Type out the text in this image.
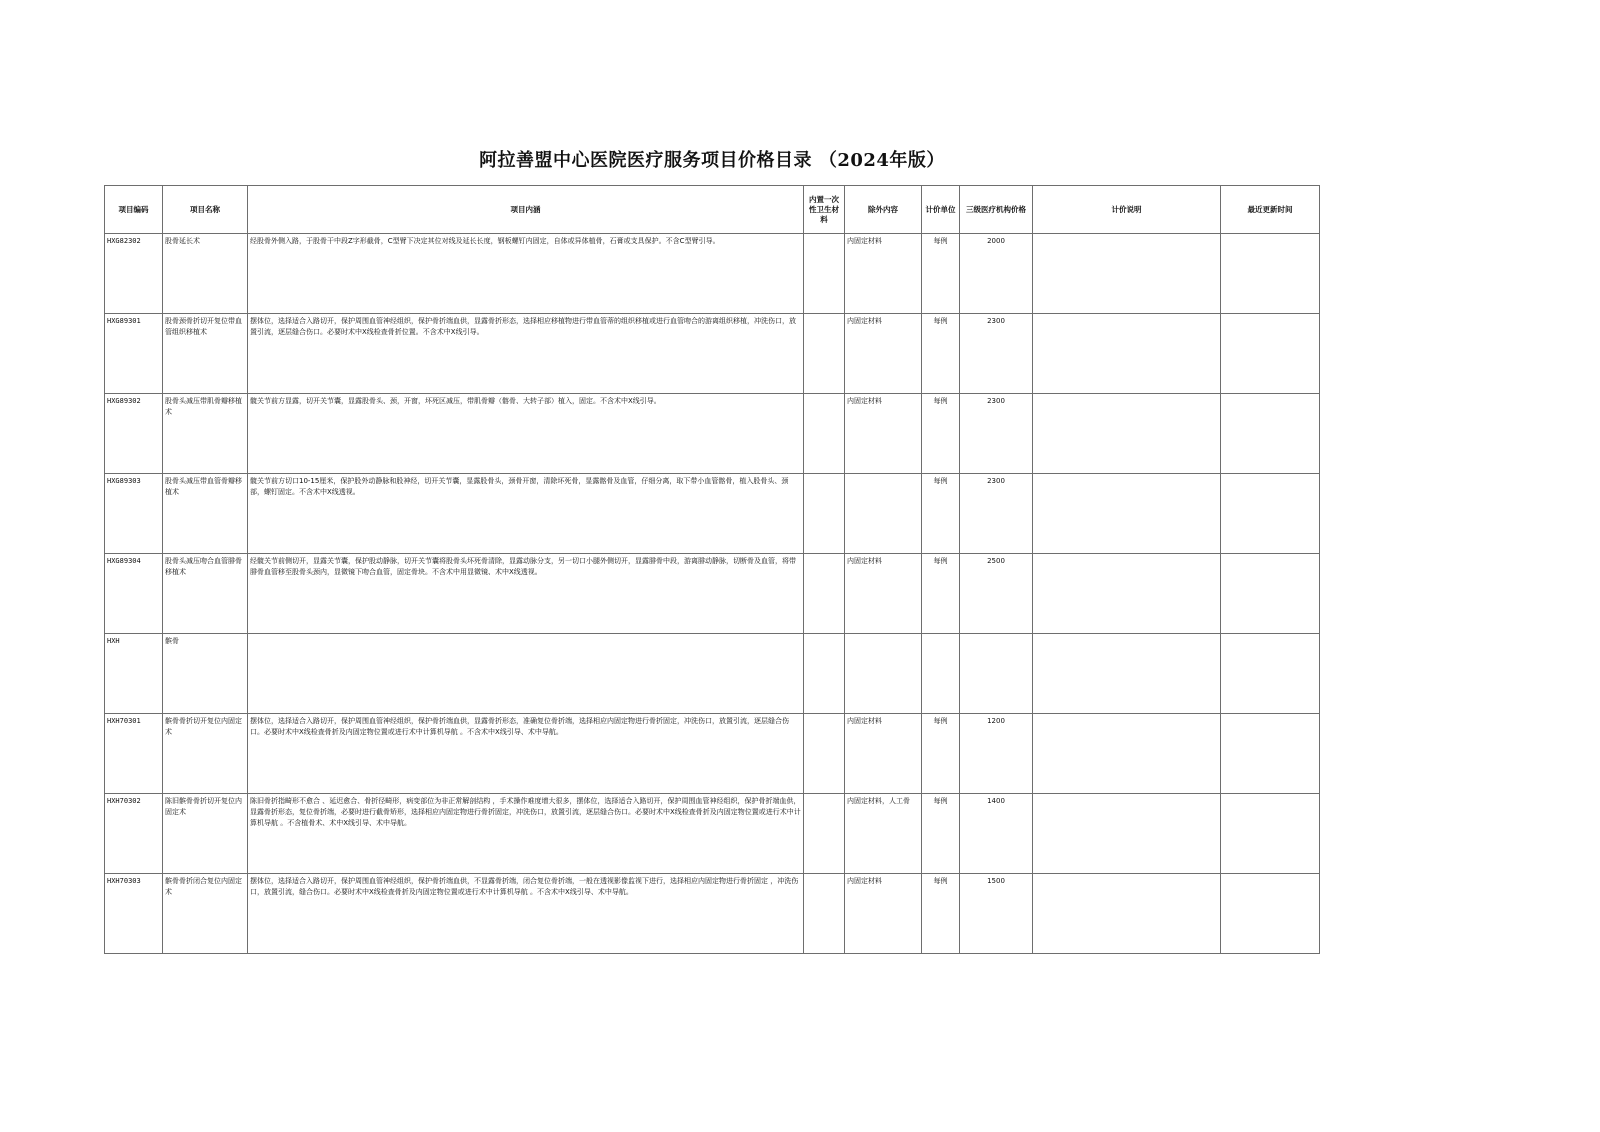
阿拉善盟中心医院医疗服务项目价格目录 （2024年版）
项目编码	项目名称	项目内涵	内置一次性卫生材料	除外内容	计价单位	三级医疗机构价格	计价说明	最近更新时间
HXG82302	股骨延长术	经股骨外侧入路，于股骨干中段Z字形截骨，C型臂下决定其位对线及延长长度，钢板螺钉内固定，自体或异体植骨，石膏或支具保护。不含C型臂引导。		内固定材料	每例	2000		
HXG89301	股骨颈骨折切开复位带血管组织移植术	摆体位，选择适合入路切开，保护周围血管神经组织，保护骨折端血供，显露骨折形态，选择相应移植物进行带血管蒂的组织移植或进行血管吻合的游离组织移植，冲洗伤口，放置引流，逐层缝合伤口。必要时术中X线检查骨折位置。不含术中X线引导。		内固定材料	每例	2300		
HXG89302	股骨头减压带肌骨瓣移植术	髋关节前方显露，切开关节囊，显露股骨头、颈，开窗，坏死区减压，带肌骨瓣（髂骨、大转子部）植入，固定。不含术中X线引导。		内固定材料	每例	2300		
HXG89303	股骨头减压带血管骨瓣移植术	髋关节前方切口10-15厘米，保护股外动静脉和股神经，切开关节囊，显露股骨头，颈骨开窗，清除坏死骨，显露髂骨及血管，仔细分离，取下带小血管髂骨，植入股骨头、颈部，螺钉固定。不含术中X线透视。			每例	2300		
HXG89304	股骨头减压吻合血管腓骨移植术	经髋关节前侧切开，显露关节囊，保护股动静脉，切开关节囊将股骨头坏死骨清除，显露动脉分支，另一切口小腿外侧切开，显露腓骨中段，游离腓动静脉，切断骨及血管，将带腓骨血管移至股骨头颈内，显微镜下吻合血管，固定骨块。不含术中用显微镜、术中X线透视。		内固定材料	每例	2500		
HXH	髌骨							
HXH70301	髌骨骨折切开复位内固定术	摆体位，选择适合入路切开，保护周围血管神经组织，保护骨折端血供，显露骨折形态，准确复位骨折端，选择相应内固定物进行骨折固定，冲洗伤口，放置引流，逐层缝合伤口。必要时术中X线检查骨折及内固定物位置或进行术中计算机导航 。不含术中X线引导、术中导航。		内固定材料	每例	1200		
HXH70302	陈旧髌骨骨折切开复位内固定术	陈旧骨折指畸形不愈合 、延迟愈合、骨折径畸形，病变部位为非正常解剖结构 ，手术操作难度增大很多，摆体位，选择适合入路切开，保护周围血管神经组织，保护骨折端血供，显露骨折形态，复位骨折端，必要时进行截骨矫形，选择相应内固定物进行骨折固定，冲洗伤口，放置引流，逐层缝合伤口。必要时术中X线检查骨折及内固定物位置或进行术中计算机导航 。不含植骨术、术中X线引导、术中导航。		内固定材料，人工骨	每例	1400		
HXH70303	髌骨骨折闭合复位内固定术	摆体位，选择适合入路切开，保护周围血管神经组织，保护骨折端血供，不显露骨折端，闭合复位骨折端，一般在透视影像监视下进行，选择相应内固定物进行骨折固定 ，冲洗伤口，放置引流，缝合伤口。必要时术中X线检查骨折及内固定物位置或进行术中计算机导航 。不含术中X线引导、术中导航。		内固定材料	每例	1500		
